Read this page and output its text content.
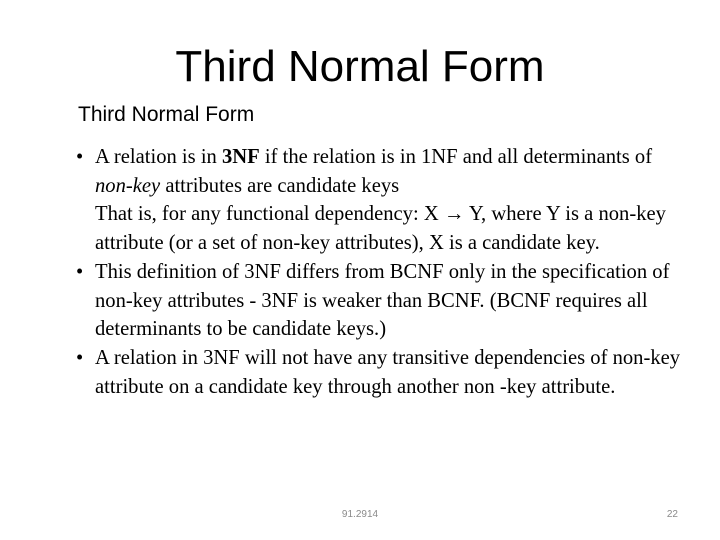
Third Normal Form
Third Normal Form
• A relation is in 3NF if the relation is in 1NF and all determinants of non-key attributes are candidate keys
That is, for any functional dependency: X → Y, where Y is a non-key attribute (or a set of non-key attributes), X is a candidate key.
• This definition of 3NF differs from BCNF only in the specification of non-key attributes - 3NF is weaker than BCNF. (BCNF requires all determinants to be candidate keys.)
• A relation in 3NF will not have any transitive dependencies of non-key attribute on a candidate key through another non -key attribute.
91.2914	22
